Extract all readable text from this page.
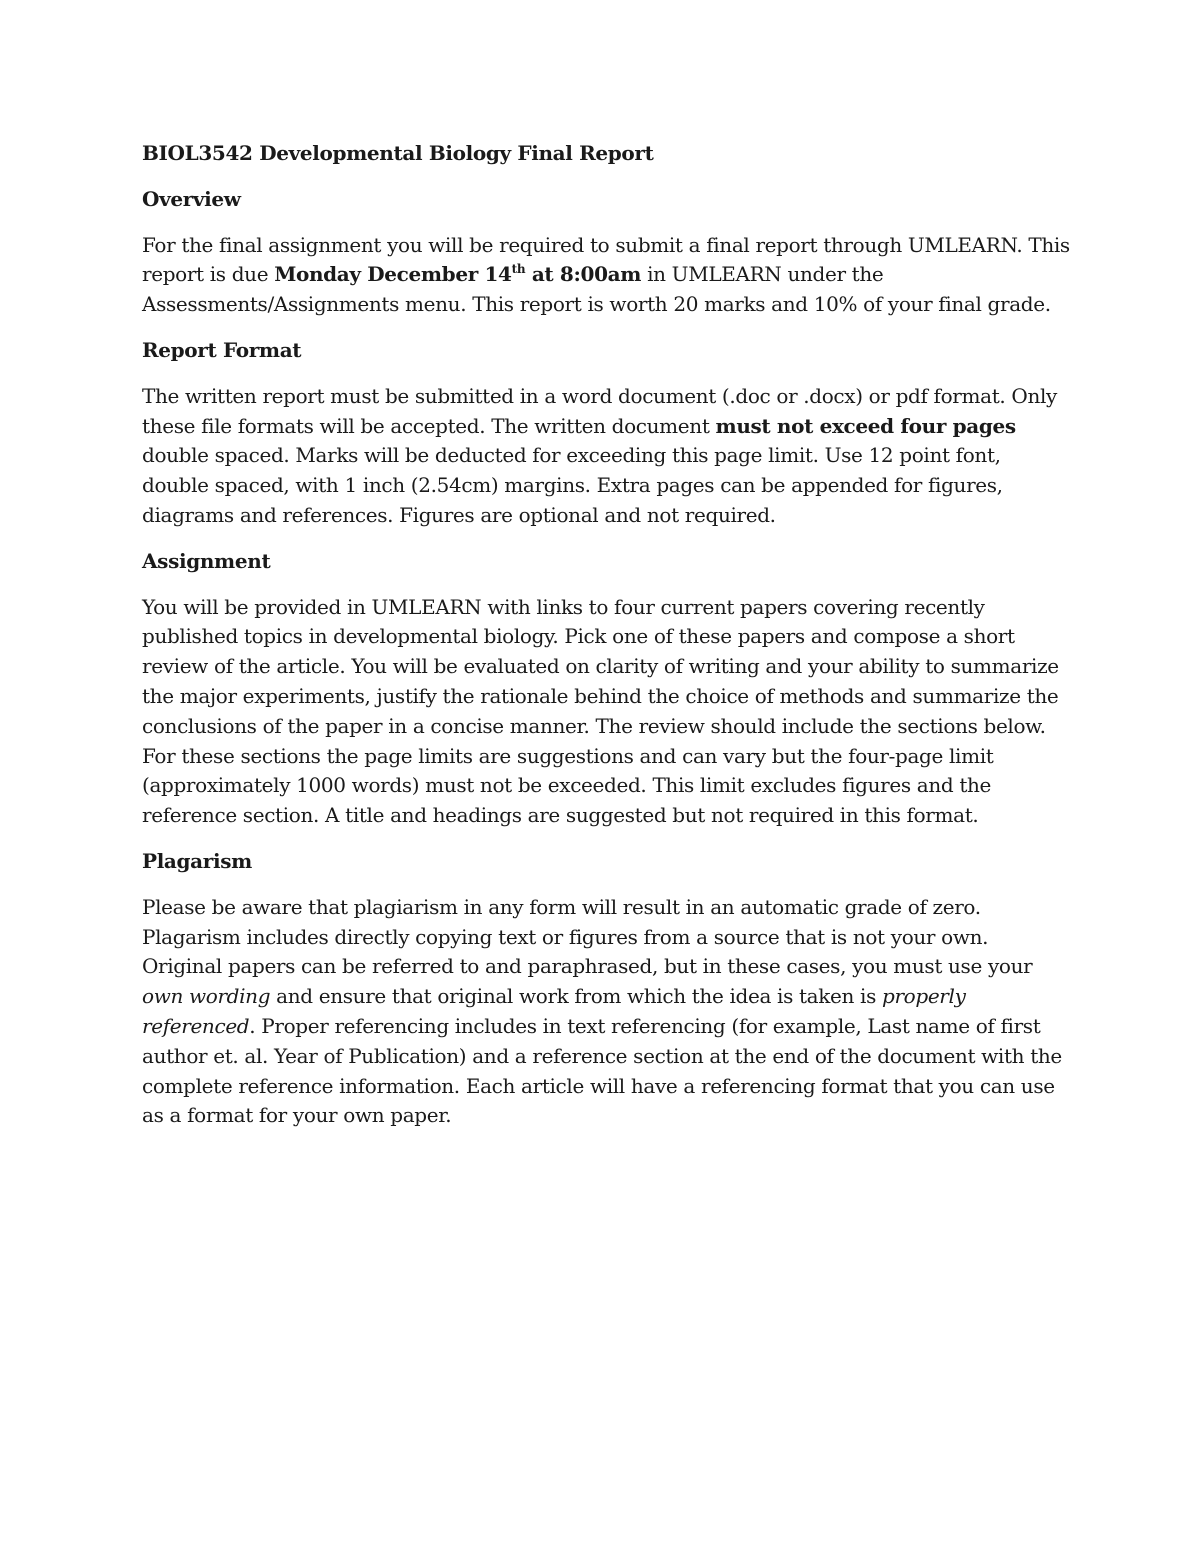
BIOL3542 Developmental Biology Final Report

Overview

For the final assignment you will be required to submit a final report through UMLEARN. This report is due Monday December 14th at 8:00am in UMLEARN under the Assessments/Assignments menu. This report is worth 20 marks and 10% of your final grade.

Report Format

The written report must be submitted in a word document (.doc or .docx) or pdf format. Only these file formats will be accepted. The written document must not exceed four pages double spaced. Marks will be deducted for exceeding this page limit. Use 12 point font, double spaced, with 1 inch (2.54cm) margins. Extra pages can be appended for figures, diagrams and references. Figures are optional and not required.

Assignment

You will be provided in UMLEARN with links to four current papers covering recently published topics in developmental biology. Pick one of these papers and compose a short review of the article. You will be evaluated on clarity of writing and your ability to summarize the major experiments, justify the rationale behind the choice of methods and summarize the conclusions of the paper in a concise manner. The review should include the sections below. For these sections the page limits are suggestions and can vary but the four-page limit (approximately 1000 words) must not be exceeded. This limit excludes figures and the reference section. A title and headings are suggested but not required in this format.

Plagarism

Please be aware that plagiarism in any form will result in an automatic grade of zero. Plagarism includes directly copying text or figures from a source that is not your own. Original papers can be referred to and paraphrased, but in these cases, you must use your own wording and ensure that original work from which the idea is taken is properly referenced. Proper referencing includes in text referencing (for example, Last name of first author et. al. Year of Publication) and a reference section at the end of the document with the complete reference information. Each article will have a referencing format that you can use as a format for your own paper.
